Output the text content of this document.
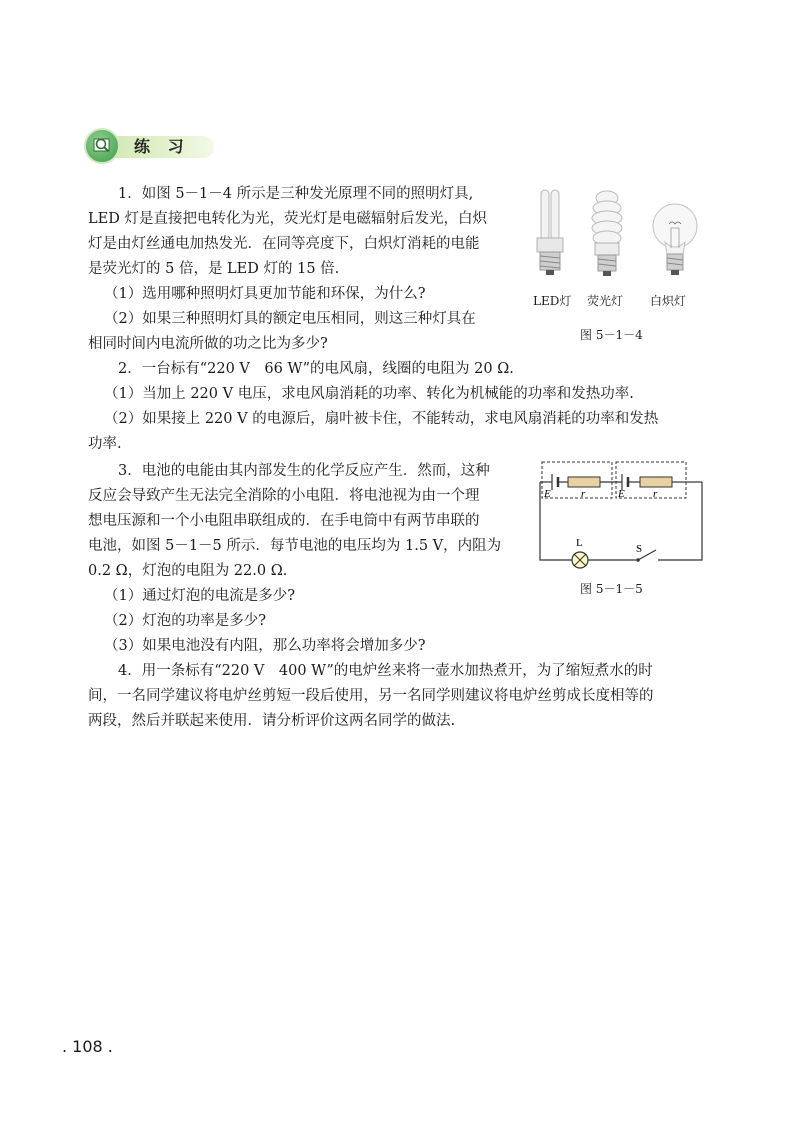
练 习

1．如图 5－1－4 所示是三种发光原理不同的照明灯具,

LED 灯是直接把电转化为光，荧光灯是电磁辐射后发光，白炽

灯是由灯丝通电加热发光．在同等亮度下，白炽灯消耗的电能

是荧光灯的 5 倍，是 LED 灯的 15 倍.

（1）选用哪种照明灯具更加节能和环保，为什么?

（2）如果三种照明灯具的额定电压相同，则这三种灯具在

相同时间内电流所做的功之比为多少?

LED灯 荧光灯 白炽灯
图 5－1－4

2．一台标有“220 V　66 W”的电风扇，线圈的电阻为 20 Ω.

（1）当加上 220 V 电压，求电风扇消耗的功率、转化为机械能的功率和发热功率.

（2）如果接上 220 V 的电源后，扇叶被卡住，不能转动，求电风扇消耗的功率和发热

功率.

3．电池的电能由其内部发生的化学反应产生．然而，这种

反应会导致产生无法完全消除的小电阻．将电池视为由一个理

想电压源和一个小电阻串联组成的．在手电筒中有两节串联的

电池，如图 5－1－5 所示．每节电池的电压均为 1.5 V，内阻为

0.2 Ω，灯泡的电阻为 22.0 Ω.

（1）通过灯泡的电流是多少?

（2）灯泡的功率是多少?

（3）如果电池没有内阻，那么功率将会增加多少?

E	r	E	r
L	S
图 5－1－5

4．用一条标有“220 V　400 W”的电炉丝来将一壶水加热煮开，为了缩短煮水的时

间，一名同学建议将电炉丝剪短一段后使用，另一名同学则建议将电炉丝剪成长度相等的

两段，然后并联起来使用．请分析评价这两名同学的做法.

. 108 .
